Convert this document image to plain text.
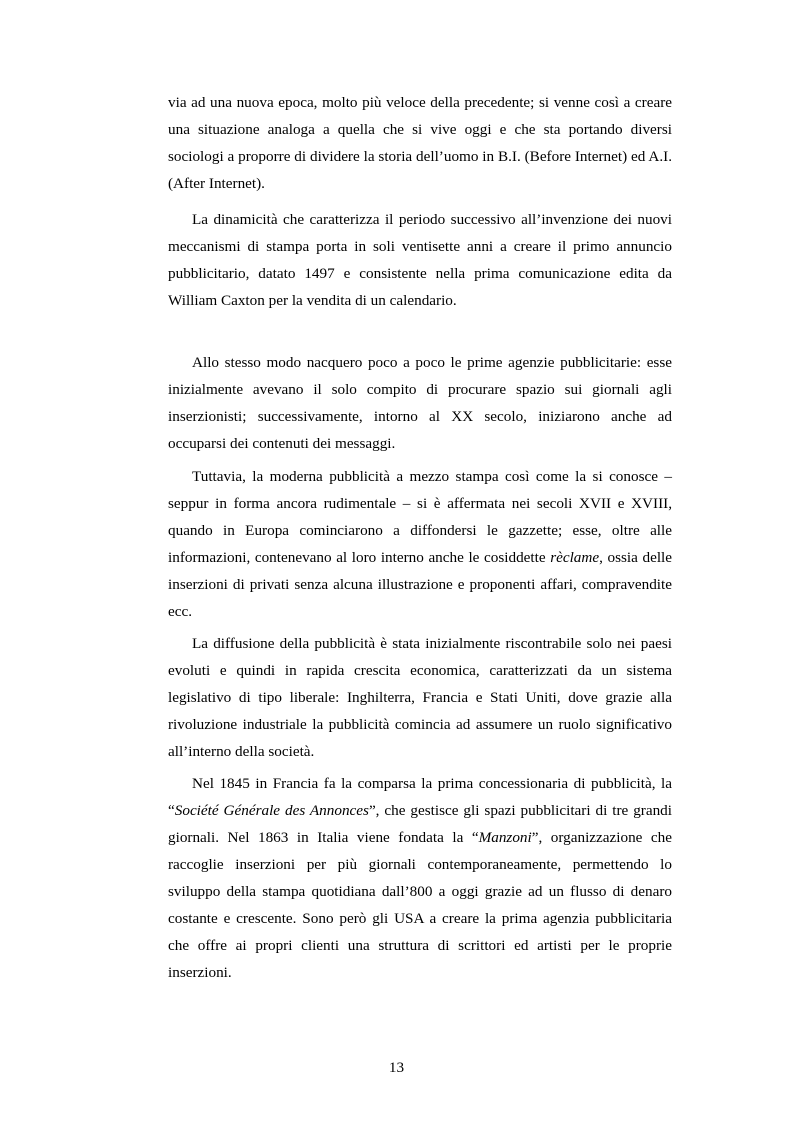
via ad una nuova epoca, molto più veloce della precedente; si venne così a creare una situazione analoga a quella che si vive oggi e che sta portando diversi sociologi a proporre di dividere la storia dell’uomo in B.I. (Before Internet) ed A.I. (After Internet).

La dinamicità che caratterizza il periodo successivo all’invenzione dei nuovi meccanismi di stampa porta in soli ventisette anni a creare il primo annuncio pubblicitario, datato 1497 e consistente nella prima comunicazione edita da William Caxton per la vendita di un calendario.

Allo stesso modo nacquero poco a poco le prime agenzie pubblicitarie: esse inizialmente avevano il solo compito di procurare spazio sui giornali agli inserzionisti; successivamente, intorno al XX secolo, iniziarono anche ad occuparsi dei contenuti dei messaggi.

Tuttavia, la moderna pubblicità a mezzo stampa così come la si conosce – seppur in forma ancora rudimentale – si è affermata nei secoli XVII e XVIII, quando in Europa cominciarono a diffondersi le gazzette; esse, oltre alle informazioni, contenevano al loro interno anche le cosiddette rèclame, ossia delle inserzioni di privati senza alcuna illustrazione e proponenti affari, compravendite ecc.

La diffusione della pubblicità è stata inizialmente riscontrabile solo nei paesi evoluti e quindi in rapida crescita economica, caratterizzati da un sistema legislativo di tipo liberale: Inghilterra, Francia e Stati Uniti, dove grazie alla rivoluzione industriale la pubblicità comincia ad assumere un ruolo significativo all’interno della società.

Nel 1845 in Francia fa la comparsa la prima concessionaria di pubblicità, la “Société Générale des Annonces”, che gestisce gli spazi pubblicitari di tre grandi giornali. Nel 1863 in Italia viene fondata la “Manzoni”, organizzazione che raccoglie inserzioni per più giornali contemporaneamente, permettendo lo sviluppo della stampa quotidiana dall’800 a oggi grazie ad un flusso di denaro costante e crescente. Sono però gli USA a creare la prima agenzia pubblicitaria che offre ai propri clienti una struttura di scrittori ed artisti per le proprie inserzioni.

13
